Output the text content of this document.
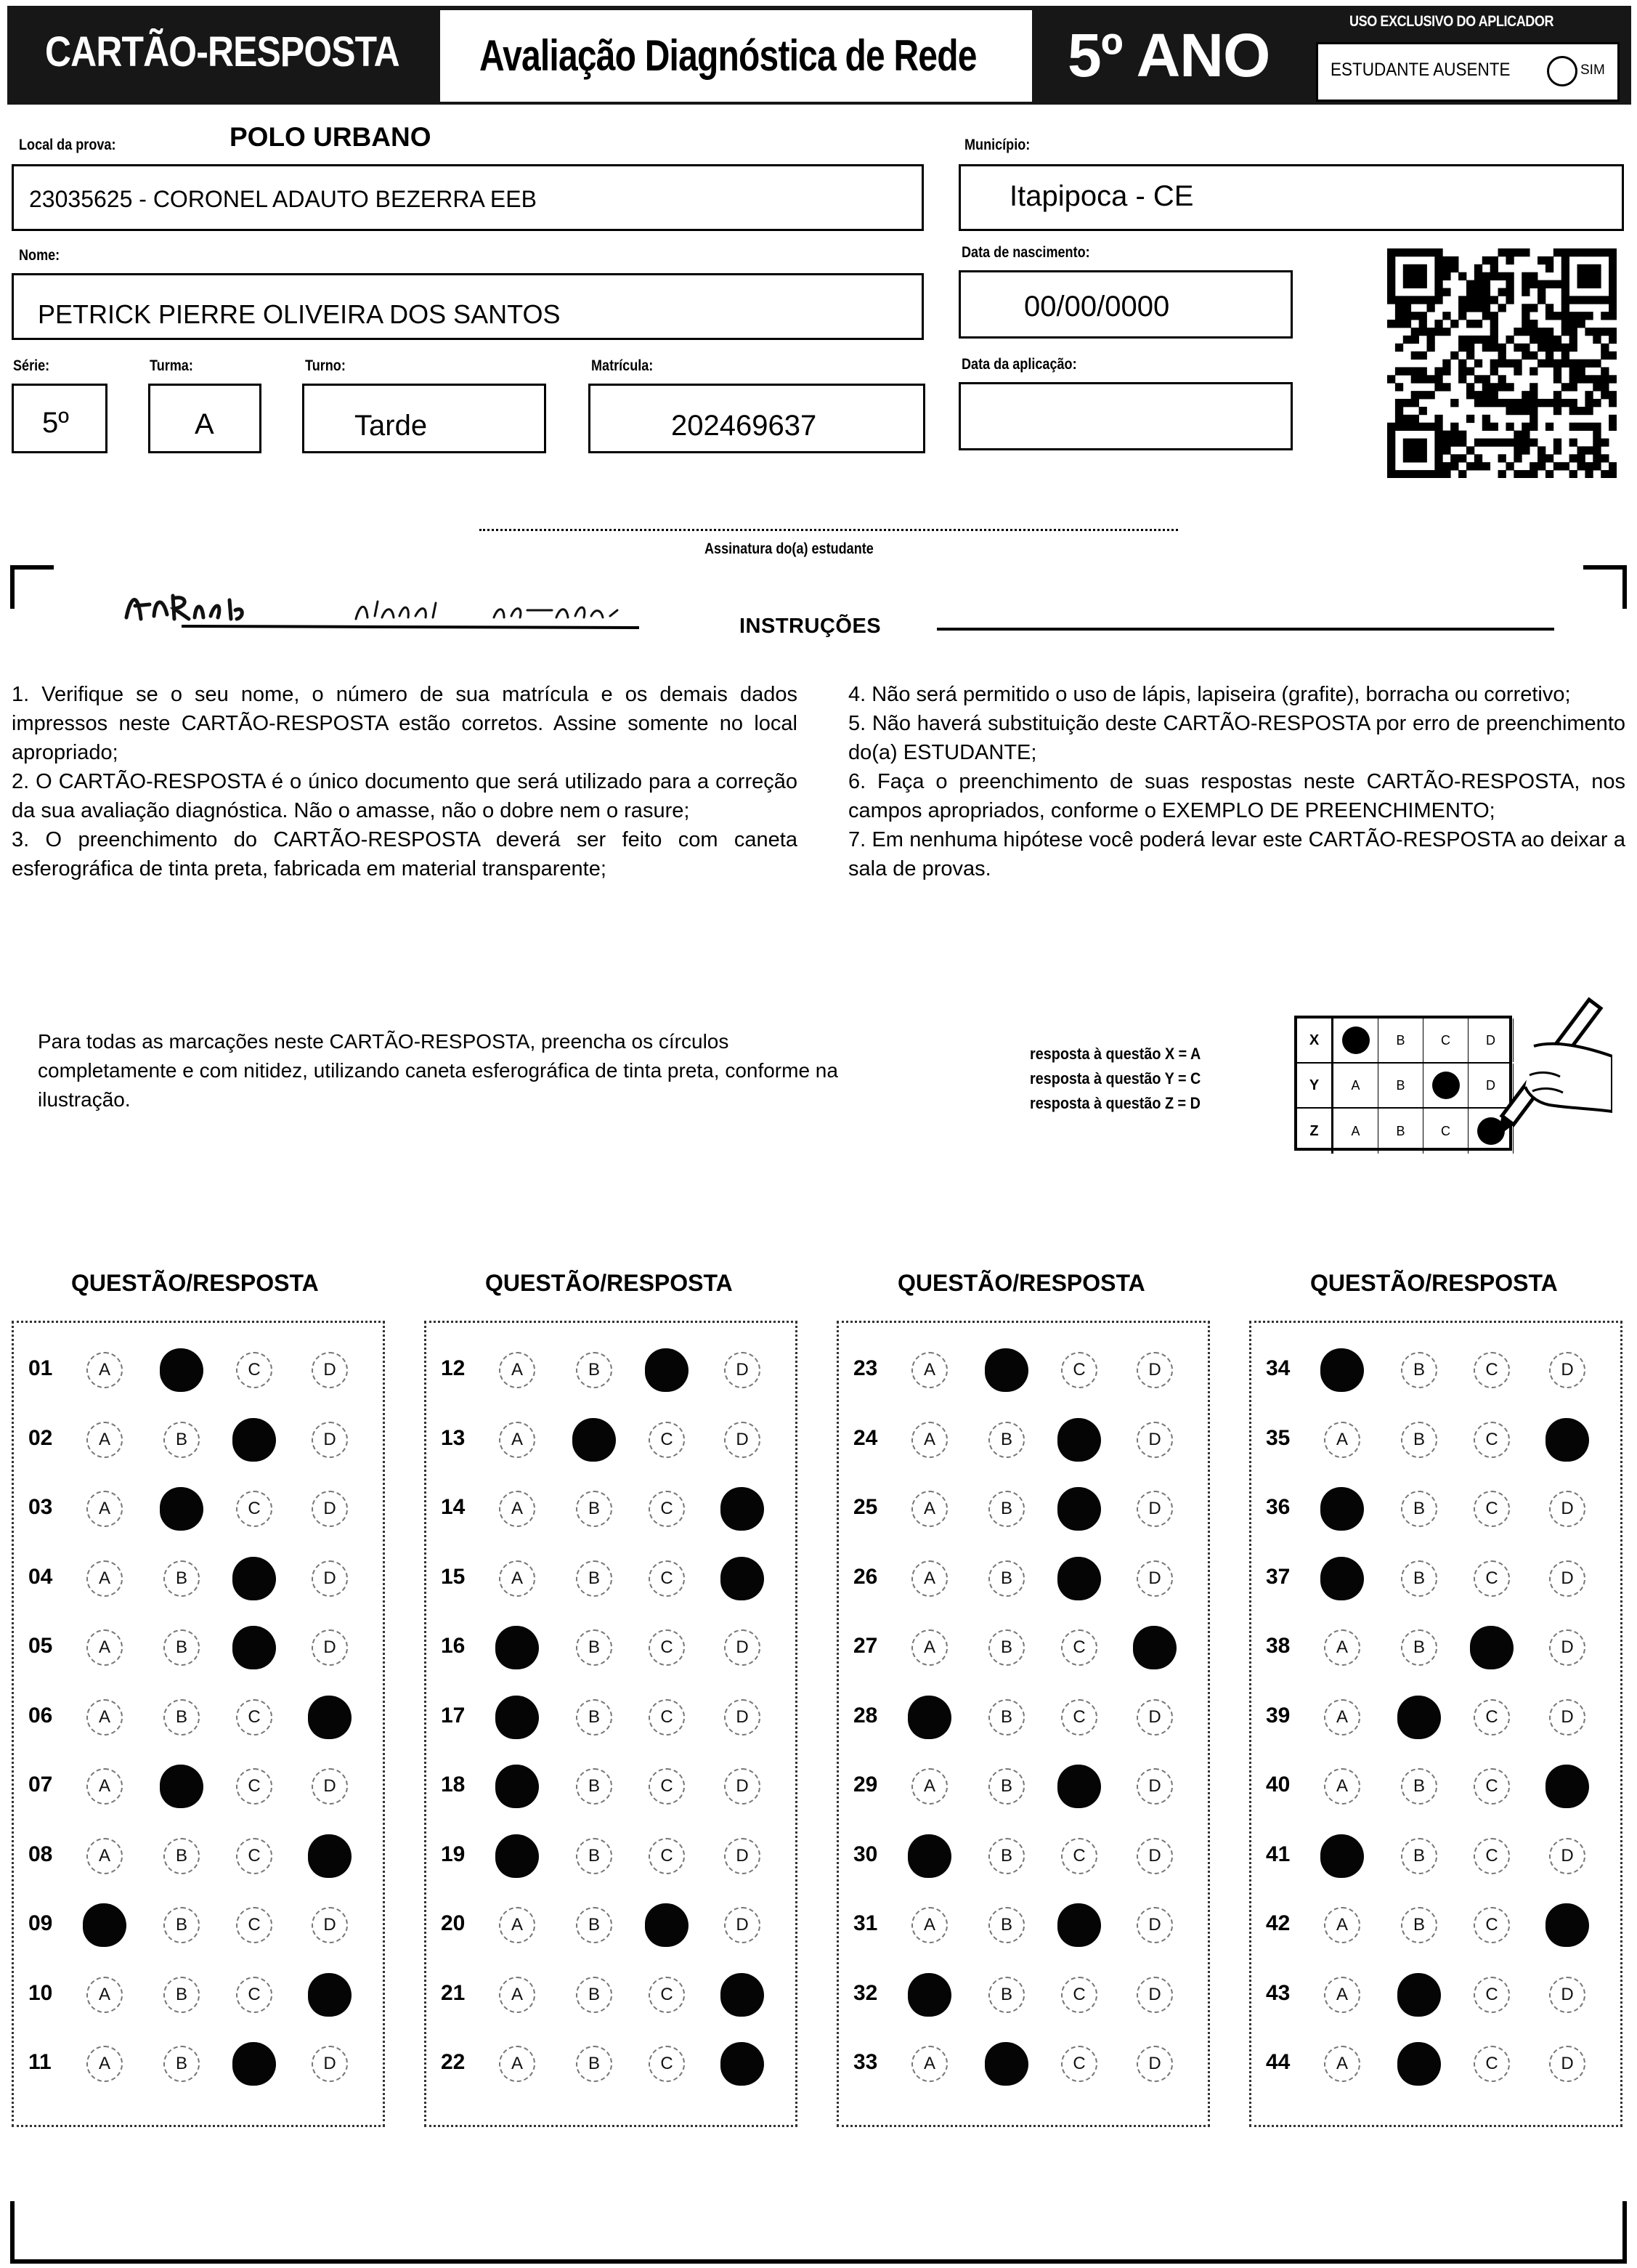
CARTÃO-RESPOSTA Avaliação Diagnóstica de Rede 5º ANO	USO EXCLUSIVO DO APLICADOR
ESTUDANTE AUSENTE	SIM
Local da prova:	POLO URBANO
23035625 - CORONEL ADAUTO BEZERRA EEB
Município:
Itapipoca - CE
Nome:
PETRICK PIERRE OLIVEIRA DOS SANTOS
Data de nascimento:
00/00/0000
Série:
5º
Turma:
A
Turno:
Tarde
Matrícula:
202469637
Data da aplicação:
Assinatura do(a) estudante
INSTRUÇÕES

1. Verifique se o seu nome, o número de sua matrícula e os demais dados impressos neste CARTÃO-RESPOSTA estão corretos. Assine somente no local apropriado;

2. O CARTÃO-RESPOSTA é o único documento que será utilizado para a correção da sua avaliação diagnóstica. Não o amasse, não o dobre nem o rasure;

3. O preenchimento do CARTÃO-RESPOSTA deverá ser feito com caneta esferográfica de tinta preta, fabricada em material transparente;

4. Não será permitido o uso de lápis, lapiseira (grafite), borracha ou corretivo;

5. Não haverá substituição deste CARTÃO-RESPOSTA por erro de preenchimento do(a) ESTUDANTE;

6. Faça o preenchimento de suas respostas neste CARTÃO-RESPOSTA, nos campos apropriados, conforme o EXEMPLO DE PREENCHIMENTO;

7. Em nenhuma hipótese você poderá levar este CARTÃO-RESPOSTA ao deixar a sala de provas.

Para todas as marcações neste CARTÃO-RESPOSTA, preencha os círculos completamente e com nitidez, utilizando caneta esferográfica de tinta preta, conforme na ilustração.
resposta à questão X = A
resposta à questão Y = C
resposta à questão Z = D
X	B	C	D
Y	A	B	D
Z	A	B	C
QUESTÃO/RESPOSTA	QUESTÃO/RESPOSTA	QUESTÃO/RESPOSTA	QUESTÃO/RESPOSTA
01	A	C	D
02	A	B	D
03	A	C	D
04	A	B	D
05	A	B	D
06	A	B	C
07	A	C	D
08	A	B	C
09	B	C	D
10	A	B	C
11	A	B	D
12	A	B	D
13	A	C	D
14	A	B	C
15	A	B	C
16	B	C	D
17	B	C	D
18	B	C	D
19	B	C	D
20	A	B	D
21	A	B	C
22	A	B	C
23	A	C	D
24	A	B	D
25	A	B	D
26	A	B	D
27	A	B	C
28	B	C	D
29	A	B	D
30	B	C	D
31	A	B	D
32	B	C	D
33	A	C	D
34	B	C	D
35	A	B	C
36	B	C	D
37	B	C	D
38	A	B	D
39	A	C	D
40	A	B	C
41	B	C	D
42	A	B	C
43	A	C	D
44	A	C	D
